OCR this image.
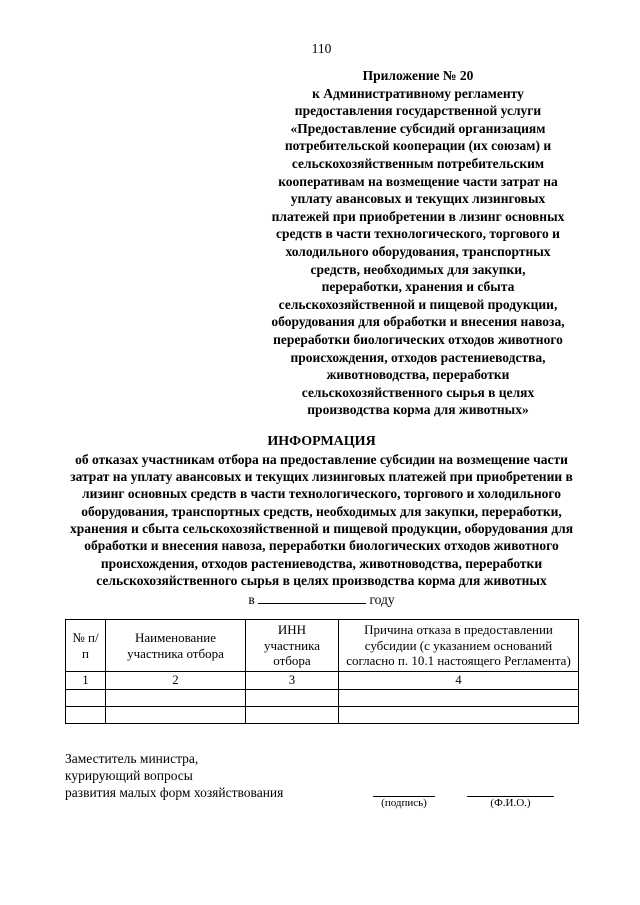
110
Приложение № 20
к Административному регламенту
предоставления государственной услуги
«Предоставление субсидий организациям
потребительской кооперации (их союзам) и
сельскохозяйственным потребительским
кооперативам на возмещение части затрат на
уплату авансовых и текущих лизинговых
платежей при приобретении в лизинг основных
средств в части технологического, торгового и
холодильного оборудования, транспортных
средств, необходимых для закупки,
переработки, хранения и сбыта
сельскохозяйственной и пищевой продукции,
оборудования для обработки и внесения навоза,
переработки биологических отходов животного
происхождения, отходов растениеводства,
животноводства, переработки
сельскохозяйственного сырья в целях
производства корма для животных»
ИНФОРМАЦИЯ
об отказах участникам отбора на предоставление субсидии на возмещение части затрат на уплату авансовых и текущих лизинговых платежей при приобретении в лизинг основных средств в части технологического, торгового и холодильного оборудования, транспортных средств, необходимых для закупки, переработки, хранения и сбыта сельскохозяйственной и пищевой продукции, оборудования для обработки и внесения навоза, переработки биологических отходов животного происхождения, отходов растениеводства, животноводства, переработки сельскохозяйственного сырья в целях производства корма для животных
в	году
№ п/п	Наименование участника отбора	ИНН участника отбора	Причина отказа в предоставлении субсидии (с указанием оснований согласно п. 10.1 настоящего Регламента)
1	2	3	4

Заместитель министра,
курирующий вопросы
развития малых форм хозяйствования
(подпись)	(Ф.И.О.)
